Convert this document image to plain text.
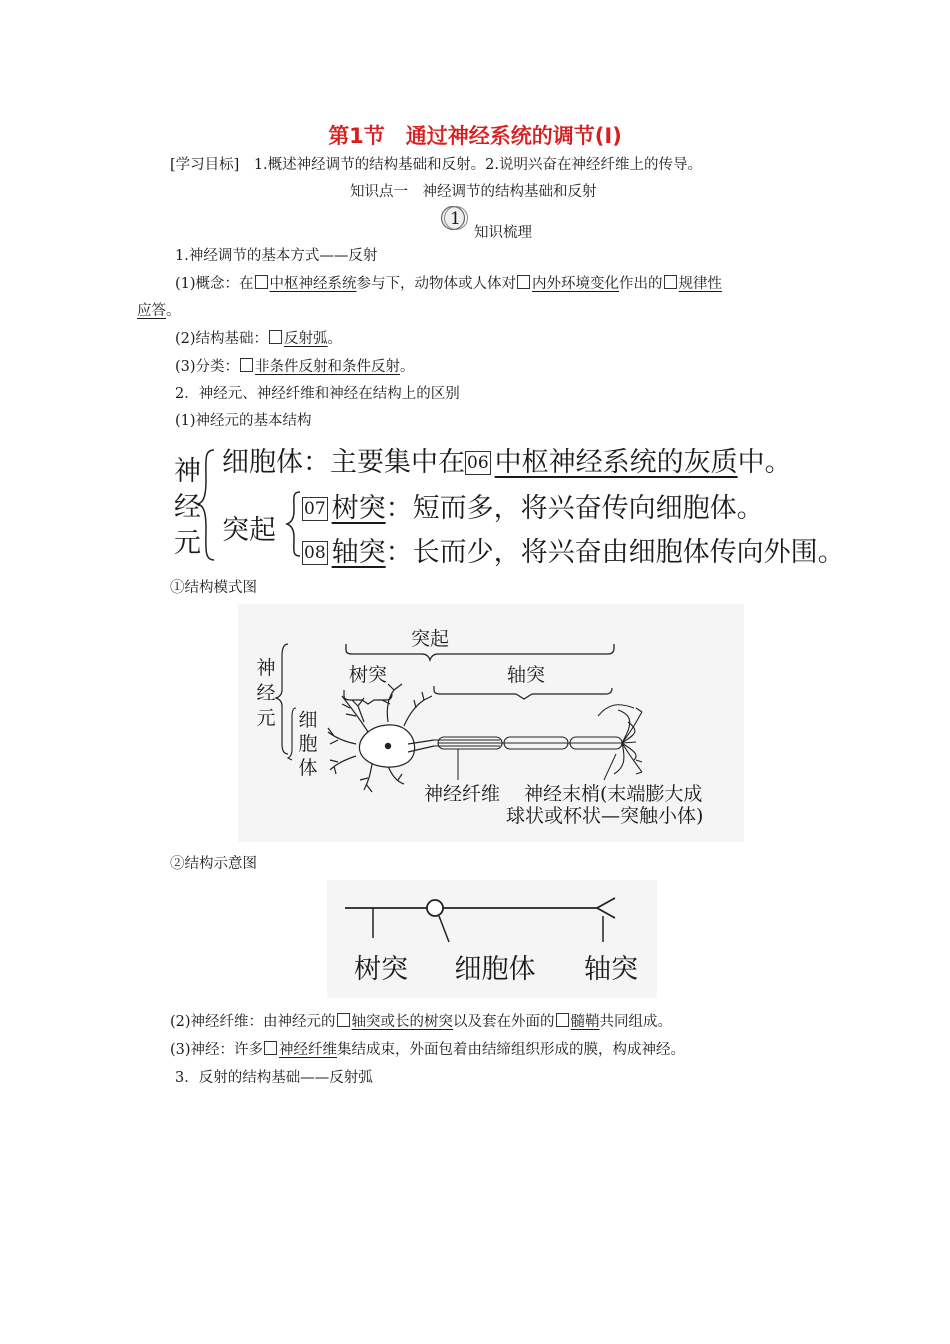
第1节　通过神经系统的调节(Ⅰ)
[学习目标]　1.概述神经调节的结构基础和反射。2.说明兴奋在神经纤维上的传导。
知识点一　神经调节的结构基础和反射
1
知识梳理
1.神经调节的基本方式——反射
(1)概念：在 中枢神经系统参与下，动物体或人体对 内外环境变化作出的 规律性
应答。
(2)结构基础： 反射弧。
(3)分类： 非条件反射和条件反射。
2．神经元、神经纤维和神经在结构上的区别
(1)神经元的基本结构
神
经
元
细胞体：主要集中在 06 中枢神经系统的灰质中。
突起
07 树突：短而多，将兴奋传向细胞体。
08 轴突：长而少，将兴奋由细胞体传向外围。
①结构模式图
突起
树突	轴突
神
经
元 细
胞
体
神经纤维 神经末梢(末端膨大成
球状或杯状—突触小体)
②结构示意图
树突 细胞体 轴突
(2)神经纤维：由神经元的 轴突或长的树突以及套在外面的 髓鞘共同组成。
(3)神经：许多 神经纤维集结成束，外面包着由结缔组织形成的膜，构成神经。
3．反射的结构基础——反射弧
